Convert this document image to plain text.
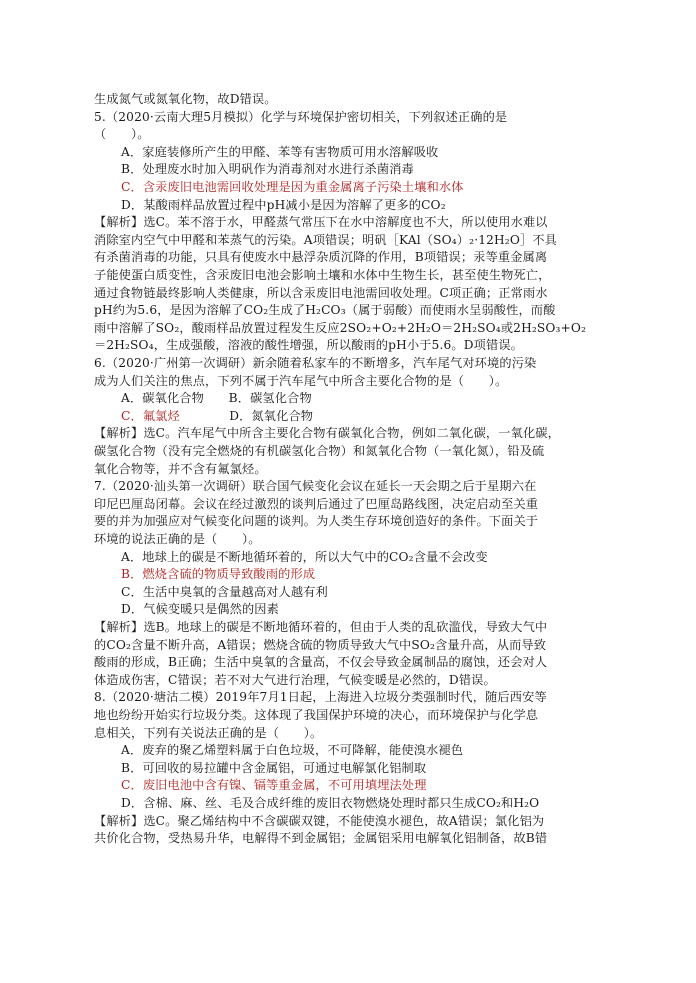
生成氮气或氮氧化物，故D错误。
5.（2020·云南大理5月模拟）化学与环境保护密切相关，下列叙述正确的是
（　　）。
A．家庭装修所产生的甲醛、苯等有害物质可用水溶解吸收
B．处理废水时加入明矾作为消毒剂对水进行杀菌消毒
C．含汞废旧电池需回收处理是因为重金属离子污染土壤和水体
D．某酸雨样品放置过程中pH减小是因为溶解了更多的CO₂
【解析】选C。苯不溶于水，甲醛蒸气常压下在水中溶解度也不大，所以使用水难以
消除室内空气中甲醛和苯蒸气的污染。A项错误；明矾［KAl（SO₄）₂·12H₂O］不具
有杀菌消毒的功能，只具有使废水中悬浮杂质沉降的作用，B项错误；汞等重金属离
子能使蛋白质变性，含汞废旧电池会影响土壤和水体中生物生长，甚至使生物死亡，
通过食物链最终影响人类健康，所以含汞废旧电池需回收处理。C项正确；正常雨水
pH约为5.6，是因为溶解了CO₂生成了H₂CO₃（属于弱酸）而使雨水呈弱酸性，而酸
雨中溶解了SO₂，酸雨样品放置过程发生反应2SO₂+O₂+2H₂O＝2H₂SO₄或2H₂SO₃+O₂
＝2H₂SO₄，生成强酸，溶液的酸性增强，所以酸雨的pH小于5.6。D项错误。
6.（2020·广州第一次调研）新余随着私家车的不断增多，汽车尾气对环境的污染
成为人们关注的焦点，下列不属于汽车尾气中所含主要化合物的是（　　）。
A．碳氧化合物　　B．碳氢化合物
C．氟氯烃　　　　	D．氮氧化合物
【解析】选C。汽车尾气中所含主要化合物有碳氧化合物，例如二氧化碳，一氧化碳，
碳氢化合物（没有完全燃烧的有机碳氢化合物）和氮氧化合物（一氧化氮），铅及硫
氧化合物等，并不含有氟氯烃。
7.（2020·汕头第一次调研）联合国气候变化会议在延长一天会期之后于星期六在
印尼巴厘岛闭幕。会议在经过激烈的谈判后通过了巴厘岛路线图，决定启动至关重
要的并为加强应对气候变化问题的谈判。为人类生存环境创造好的条件。下面关于
环境的说法正确的是（　　）。
A．地球上的碳是不断地循环着的，所以大气中的CO₂含量不会改变
B．燃烧含硫的物质导致酸雨的形成
C．生活中臭氧的含量越高对人越有利
D．气候变暖只是偶然的因素
【解析】选B。地球上的碳是不断地循环着的，但由于人类的乱砍滥伐，导致大气中
的CO₂含量不断升高，A错误；燃烧含硫的物质导致大气中SO₂含量升高，从而导致
酸雨的形成，B正确；生活中臭氧的含量高，不仅会导致金属制品的腐蚀，还会对人
体造成伤害，C错误；若不对大气进行治理，气候变暖是必然的，D错误。
8.（2020·塘沽二模）2019年7月1日起，上海进入垃圾分类强制时代，随后西安等
地也纷纷开始实行垃圾分类。这体现了我国保护环境的决心，而环境保护与化学息
息相关，下列有关说法正确的是（　　）。
A．废弃的聚乙烯塑料属于白色垃圾，不可降解，能使溴水褪色
B．可回收的易拉罐中含金属铝，可通过电解氯化铝制取
C．废旧电池中含有镍、镉等重金属，不可用填埋法处理
D．含棉、麻、丝、毛及合成纤维的废旧衣物燃烧处理时都只生成CO₂和H₂O
【解析】选C。聚乙烯结构中不含碳碳双键，不能使溴水褪色，故A错误；氯化铝为
共价化合物，受热易升华，电解得不到金属铝；金属铝采用电解氧化铝制备，故B错
